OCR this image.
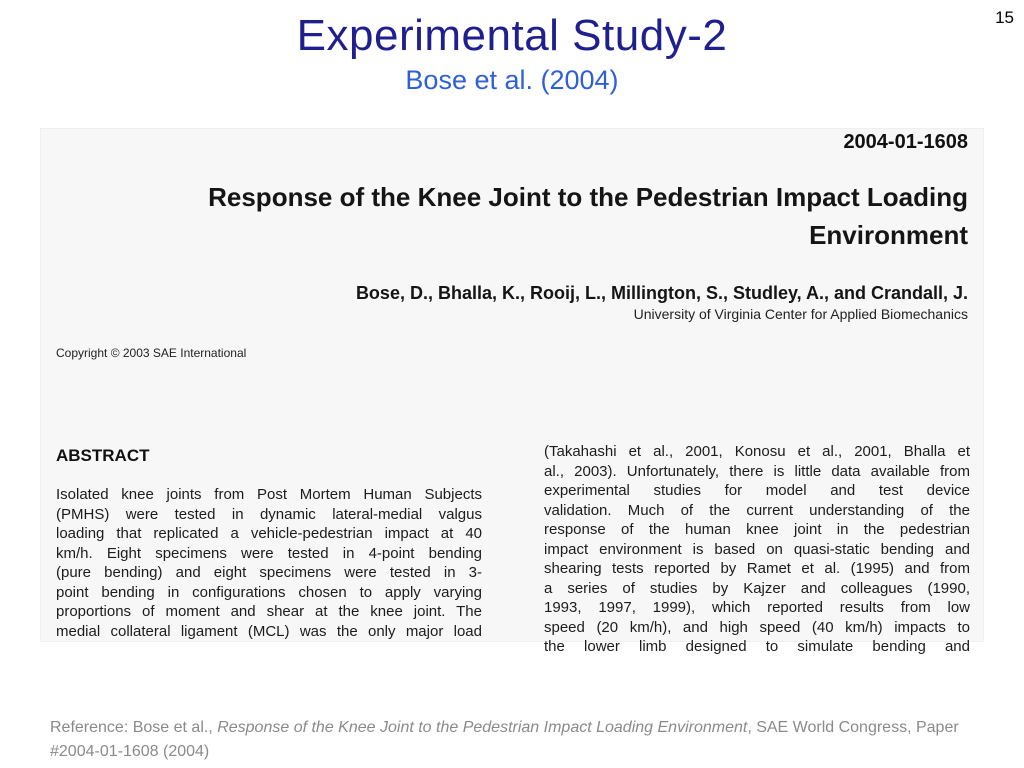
Experimental Study-2
Bose et al. (2004)
15
2004-01-1608
Response of the Knee Joint to the Pedestrian Impact Loading
Environment
Bose, D., Bhalla, K., Rooij, L., Millington, S., Studley, A., and Crandall, J.
University of Virginia Center for Applied Biomechanics
Copyright © 2003 SAE International
ABSTRACT
Isolated knee joints from Post Mortem Human Subjects
(PMHS) were tested in dynamic lateral-medial valgus
loading that replicated a vehicle-pedestrian impact at 40
km/h. Eight specimens were tested in 4-point bending
(pure bending) and eight specimens were tested in 3-
point bending in configurations chosen to apply varying
proportions of moment and shear at the knee joint. The
medial collateral ligament (MCL) was the only major load
(Takahashi et al., 2001, Konosu et al., 2001, Bhalla et
al., 2003). Unfortunately, there is little data available from
experimental studies for model and test device
validation. Much of the current understanding of the
response of the human knee joint in the pedestrian
impact environment is based on quasi-static bending and
shearing tests reported by Ramet et al. (1995) and from
a series of studies by Kajzer and colleagues (1990,
1993, 1997, 1999), which reported results from low
speed (20 km/h), and high speed (40 km/h) impacts to
the lower limb designed to simulate bending and
Reference: Bose et al., Response of the Knee Joint to the Pedestrian Impact Loading Environment, SAE World Congress, Paper #2004-01-1608 (2004)
